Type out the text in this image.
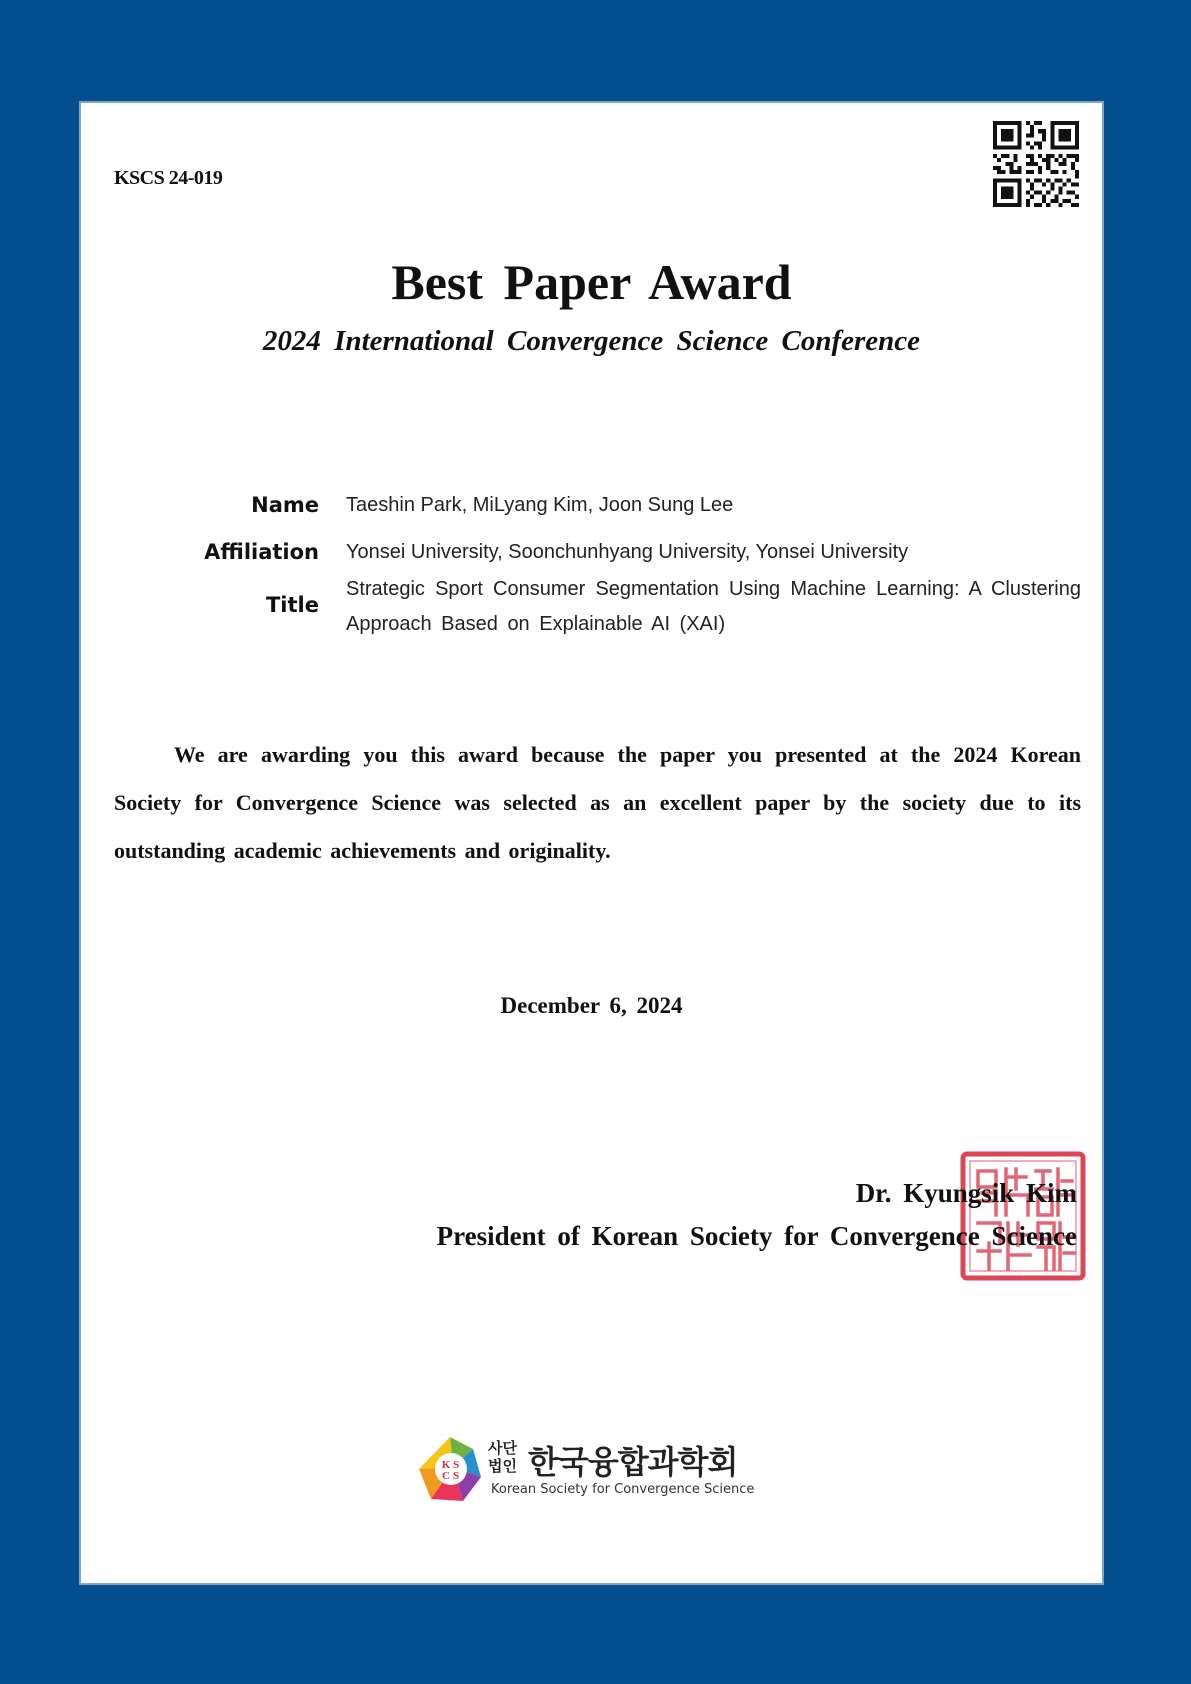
KSCS 24-019
Best Paper Award
2024 International Convergence Science Conference
Name Taeshin Park, MiLyang Kim, Joon Sung Lee
Affiliation Yonsei University, Soonchunhyang University, Yonsei University
Title
Strategic Sport Consumer Segmentation Using Machine Learning: A Clustering Approach Based on Explainable AI (XAI)
We are awarding you this award because the paper you presented at the 2024 Korean Society for Convergence Science was selected as an excellent paper by the society due to its outstanding academic achievements and originality.
December 6, 2024
Dr. Kyungsik Kim
President of Korean Society for Convergence Science
K S
C S
사단
법인 한국융합과학회
Korean Society for Convergence Science
